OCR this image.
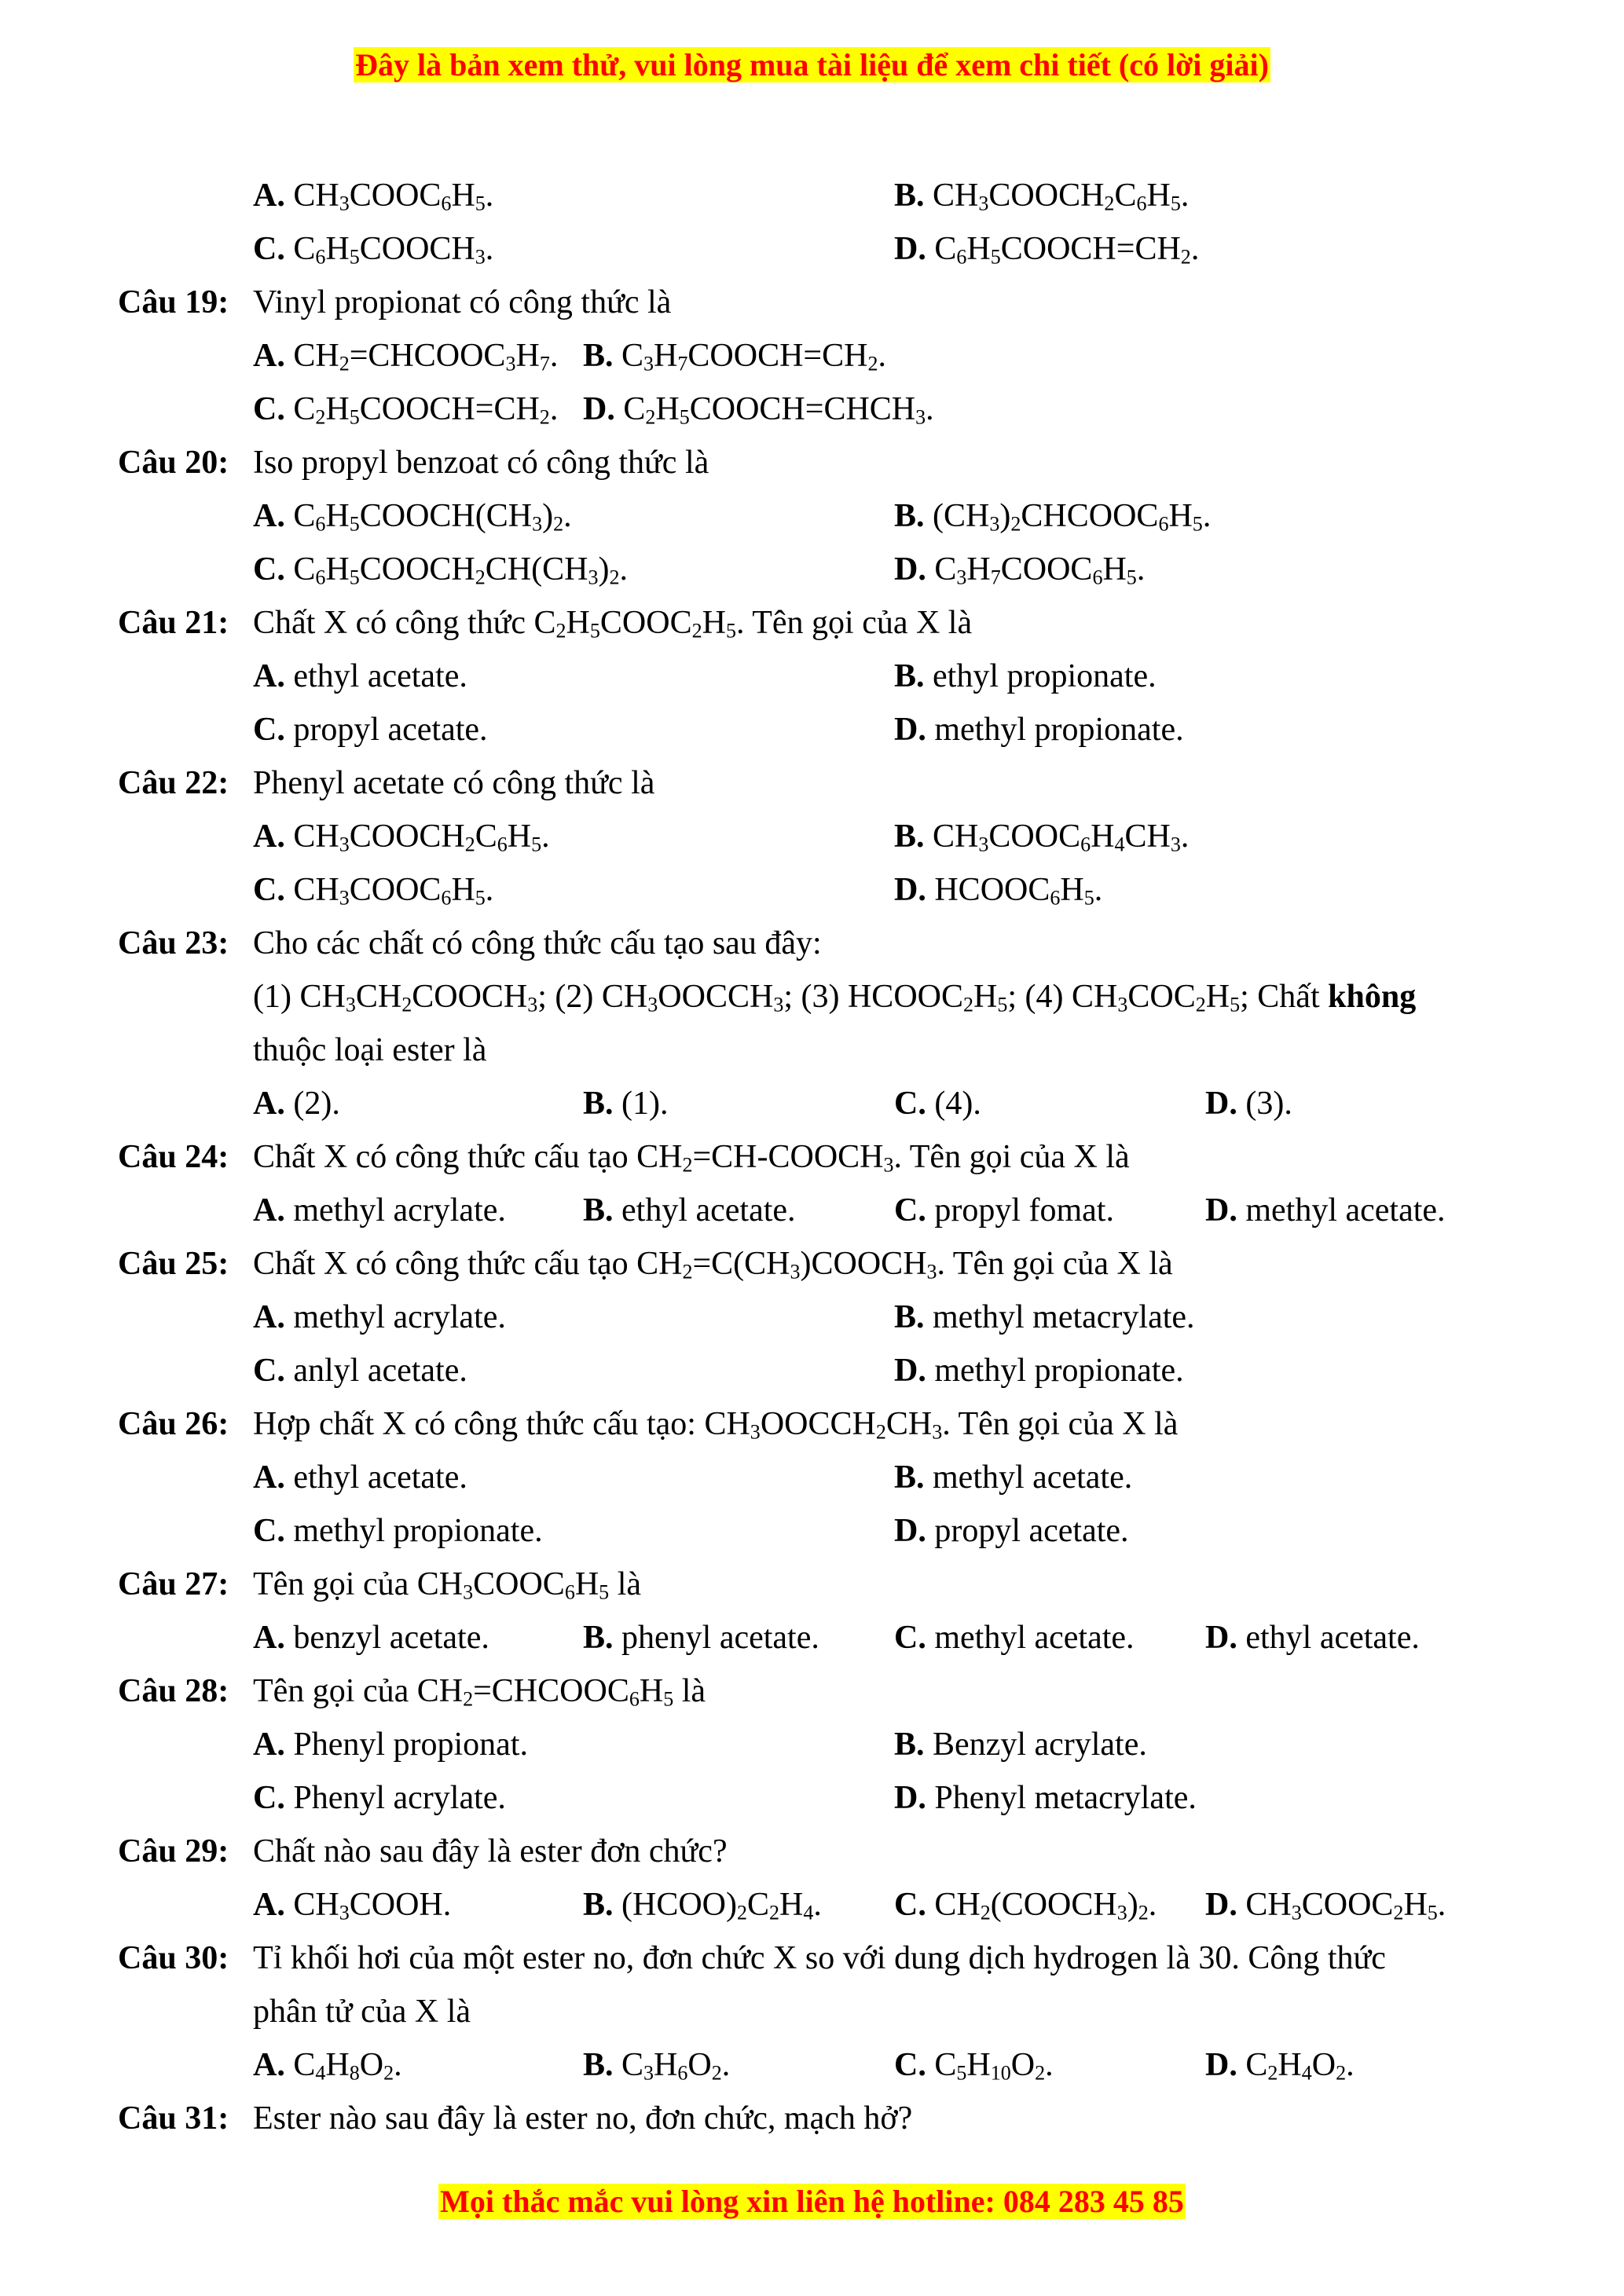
Đây là bản xem thử, vui lòng mua tài liệu để xem chi tiết (có lời giải)
A. $CH_3COOC_6H_5$.	B. $CH_3COOCH_2C_6H_5$.
C. $C_6H_5COOCH_3$.	D. $C_6H_5COOCH=CH_2$.
Câu 19: Vinyl propionat có công thức là
A. $CH_2=CHCOOC_3H_7$. B. $C_3H_7COOCH=CH_2$.
C. $C_2H_5COOCH=CH_2$. D. $C_2H_5COOCH=CHCH_3$.
Câu 20: Iso propyl benzoat có công thức là
A. $C_6H_5COOCH(CH_3)_2$.	B. $(CH_3)_2CHCOOC_6H_5$.
C. $C_6H_5COOCH_2CH(CH_3)_2$.	D. $C_3H_7COOC_6H_5$.
Câu 21: Chất X có công thức $C_2H_5COOC_2H_5$. Tên gọi của X là
A. ethyl acetate.	B. ethyl propionate.
C. propyl acetate.	D. methyl propionate.
Câu 22: Phenyl acetate có công thức là
A. $CH_3COOCH_2C_6H_5$.	B. $CH_3COOC_6H_4CH_3$.
C. $CH_3COOC_6H_5$.	D. $HCOOC_6H_5$.
Câu 23: Cho các chất có công thức cấu tạo sau đây:
(1) $CH_3CH_2COOCH_3$; (2) $CH_3OOCCH_3$; (3) $HCOOC_2H_5$; (4) $CH_3COC_2H_5$; Chất không
thuộc loại ester là
A. (2).	B. (1).	C. (4).	D. (3).
Câu 24: Chất X có công thức cấu tạo $CH_2=CH-COOCH_3$. Tên gọi của X là
A. methyl acrylate. B. ethyl acetate.	C. propyl fomat.	D. methyl acetate.
Câu 25: Chất X có công thức cấu tạo $CH_2=C(CH_3)COOCH_3$. Tên gọi của X là
A. methyl acrylate.	B. methyl metacrylate.
C. anlyl acetate.	D. methyl propionate.
Câu 26: Hợp chất X có công thức cấu tạo: $CH_3OOCCH_2CH_3$. Tên gọi của X là
A. ethyl acetate.	B. methyl acetate.
C. methyl propionate.	D. propyl acetate.
Câu 27: Tên gọi của $CH_3COOC_6H_5$ là
A. benzyl acetate.	B. phenyl acetate. C. methyl acetate. D. ethyl acetate.
Câu 28: Tên gọi của $CH_2=CHCOOC_6H_5$ là
A. Phenyl propionat.	B. Benzyl acrylate.
C. Phenyl acrylate.	D. Phenyl metacrylate.
Câu 29: Chất nào sau đây là ester đơn chức?
A. $CH_3COOH$.	B. $(HCOO)_2C_2H_4$. C. $CH_2(COOCH_3)_2$. D. $CH_3COOC_2H_5$.
Câu 30: Tỉ khối hơi của một ester no, đơn chức X so với dung dịch hydrogen là 30. Công thức
phân tử của X là
A. $C_4H_8O_2$.	B. $C_3H_6O_2$.	C. $C_5H_{10}O_2$.	D. $C_2H_4O_2$.
Câu 31: Ester nào sau đây là ester no, đơn chức, mạch hở?
Mọi thắc mắc vui lòng xin liên hệ hotline: 084 283 45 85
